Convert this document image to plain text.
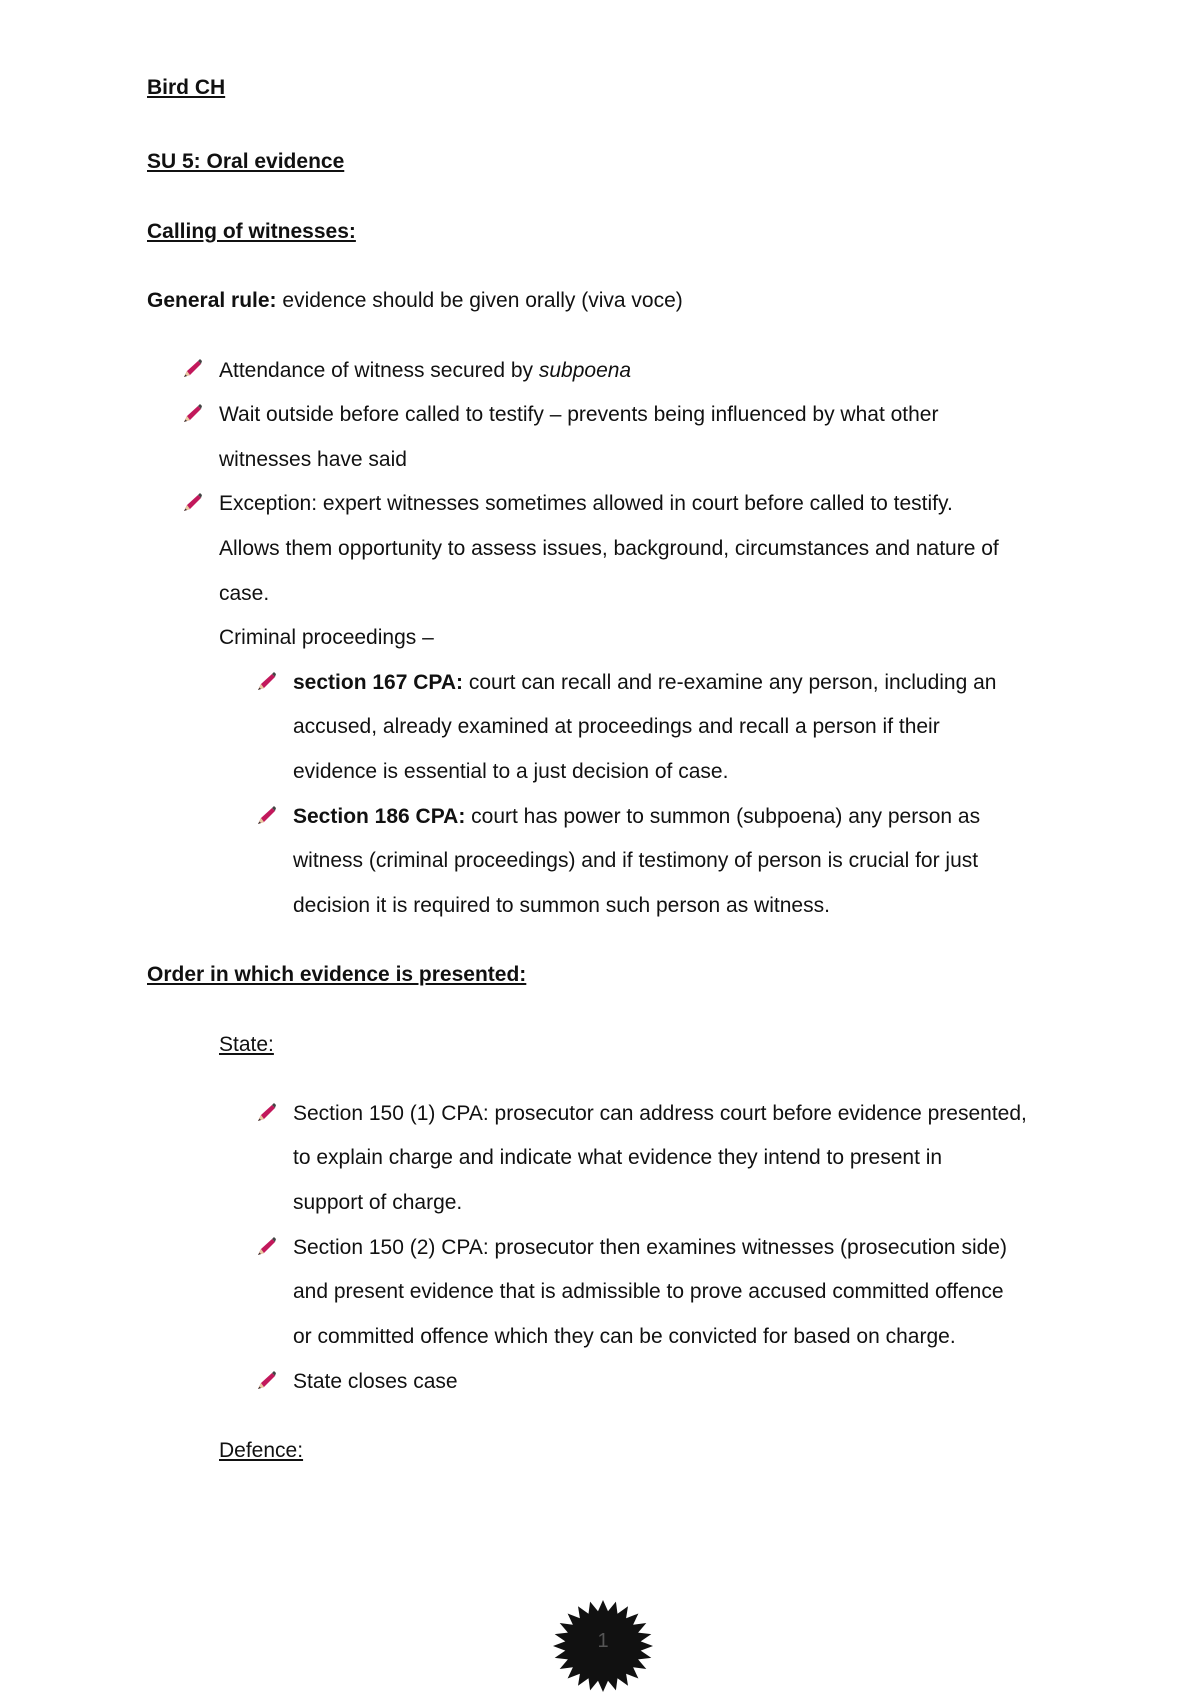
Bird CH
SU 5: Oral evidence
Calling of witnesses:
General rule: evidence should be given orally (viva voce)
Attendance of witness secured by subpoena
Wait outside before called to testify – prevents being influenced by what other
witnesses have said
Exception: expert witnesses sometimes allowed in court before called to testify.
Allows them opportunity to assess issues, background, circumstances and nature of
case.
Criminal proceedings –
section 167 CPA: court can recall and re-examine any person, including an
accused, already examined at proceedings and recall a person if their
evidence is essential to a just decision of case.
Section 186 CPA: court has power to summon (subpoena) any person as
witness (criminal proceedings) and if testimony of person is crucial for just
decision it is required to summon such person as witness.
Order in which evidence is presented:
State:
Section 150 (1) CPA: prosecutor can address court before evidence presented,
to explain charge and indicate what evidence they intend to present in
support of charge.
Section 150 (2) CPA: prosecutor then examines witnesses (prosecution side)
and present evidence that is admissible to prove accused committed offence
or committed offence which they can be convicted for based on charge.
State closes case
Defence:
1
